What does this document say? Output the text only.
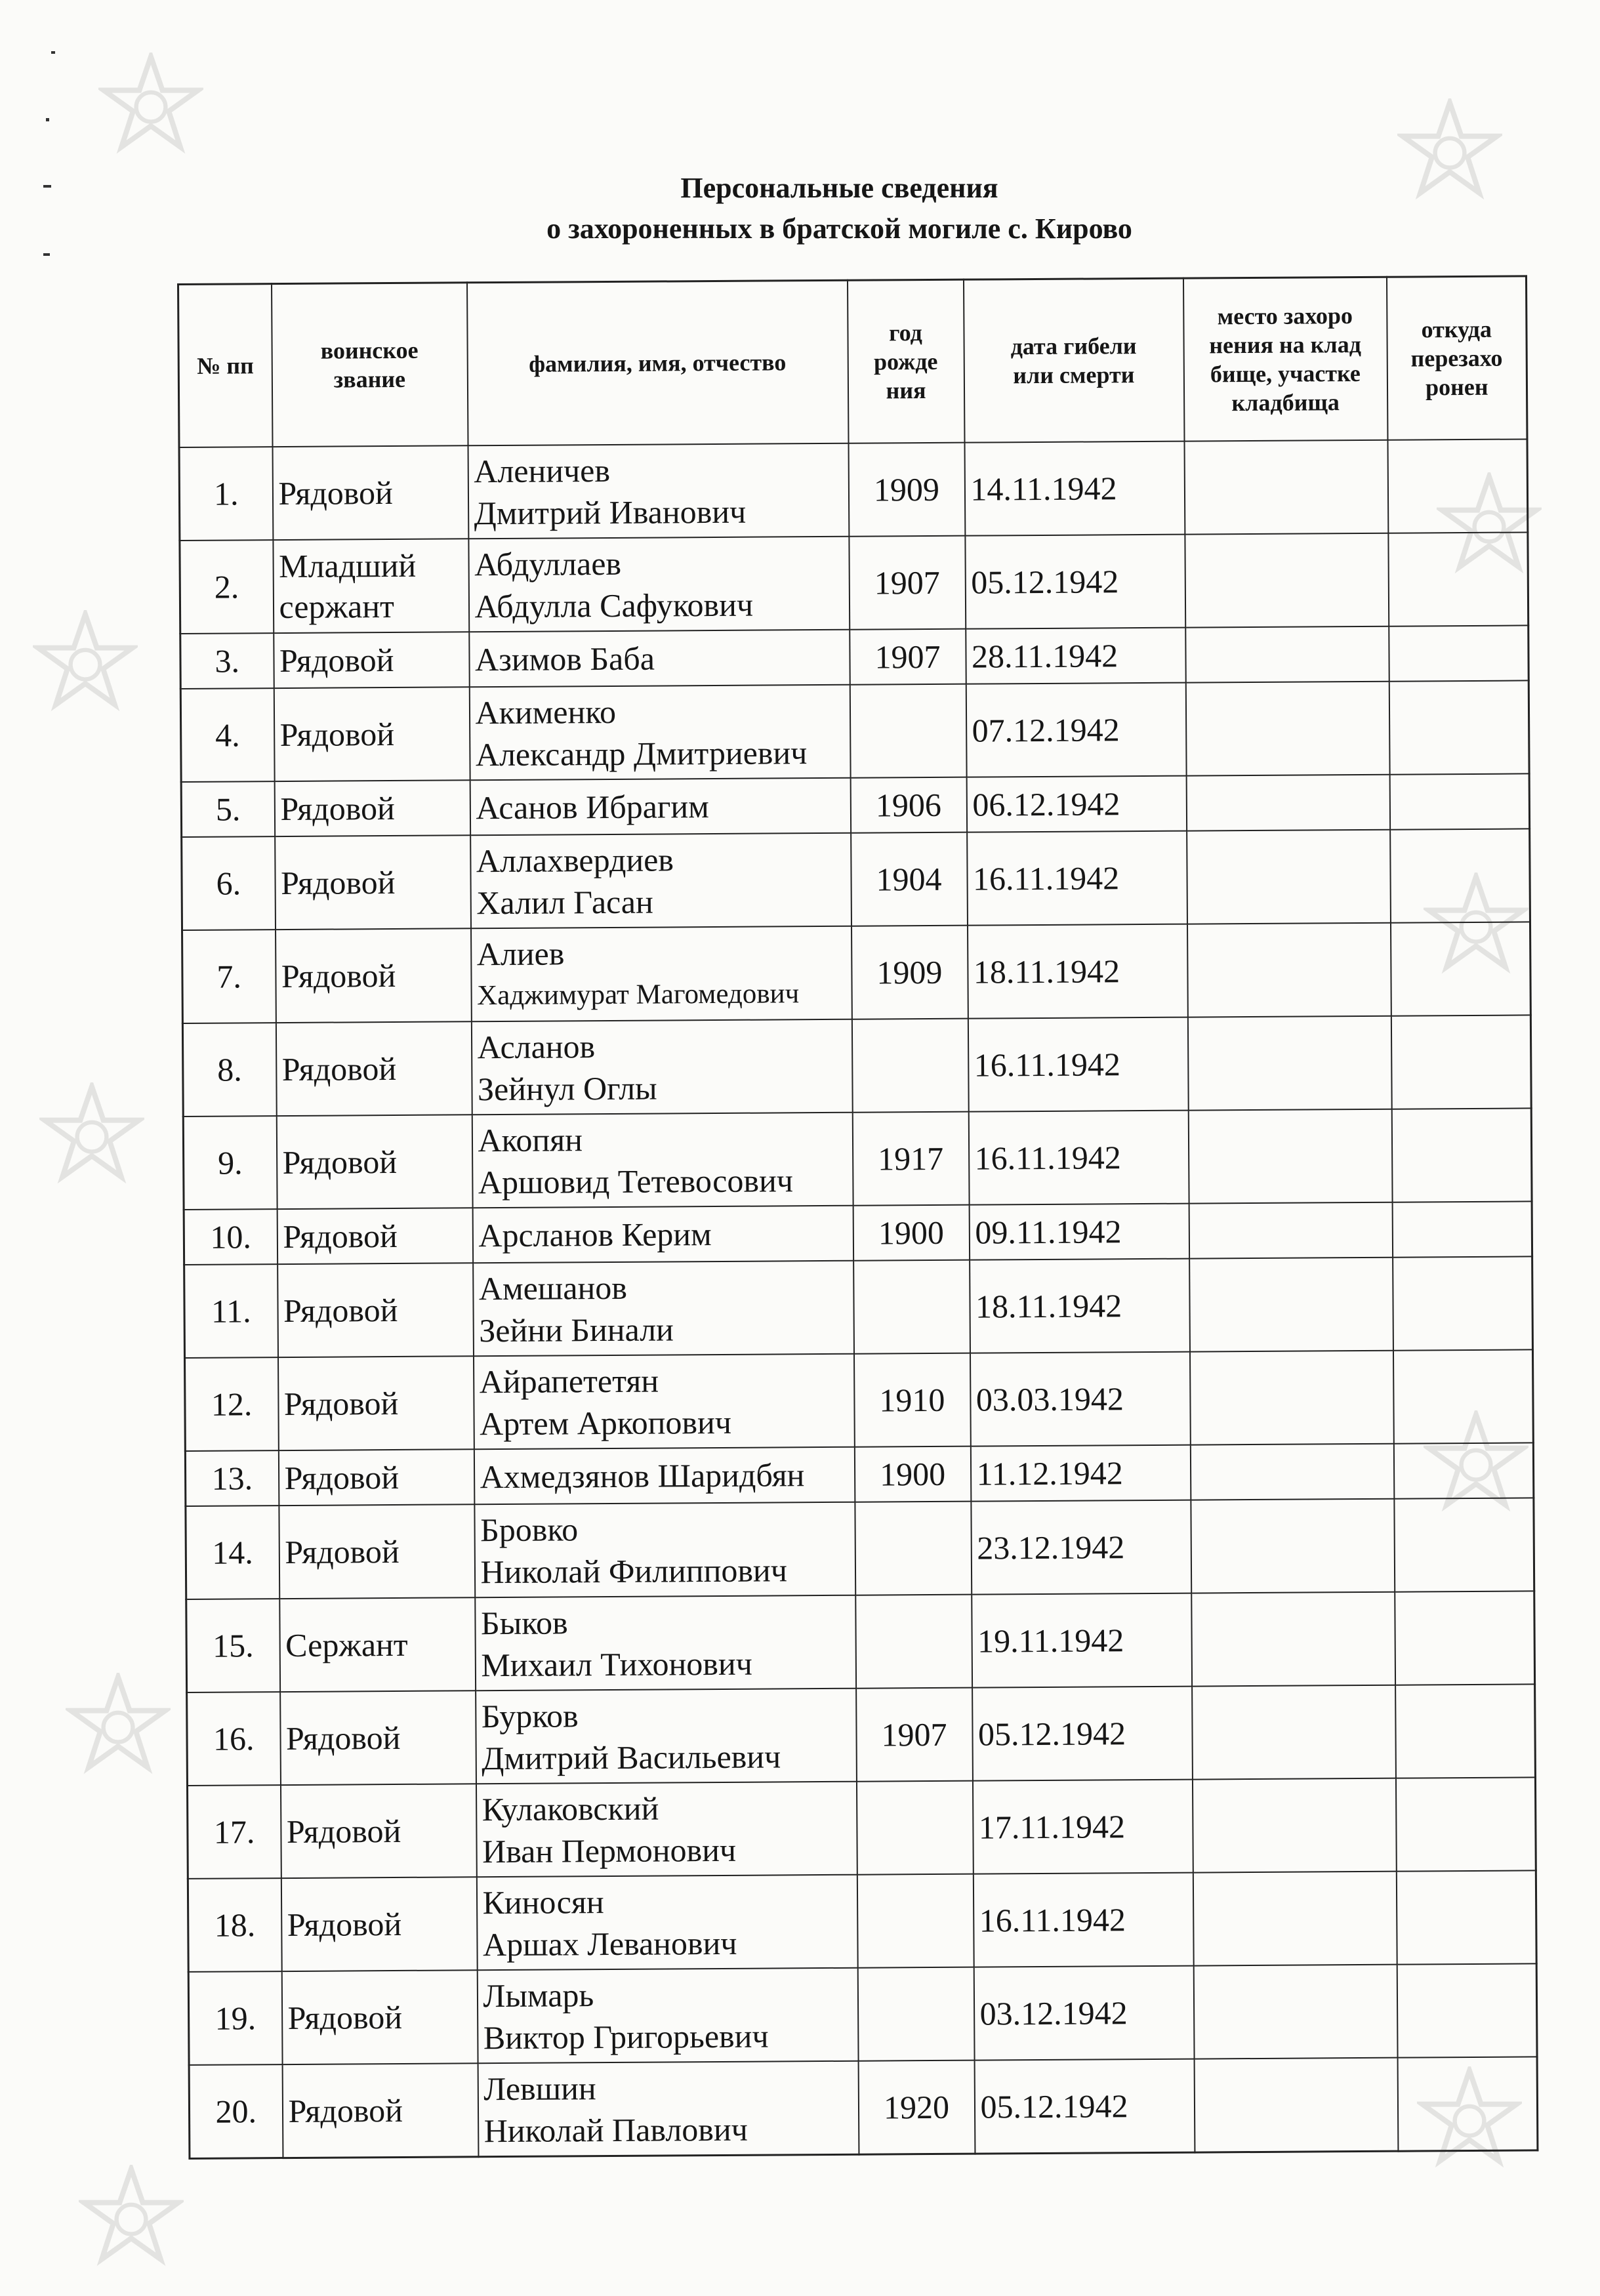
Персональные сведения
о захороненных в братской могиле с. Кирово
№ пп	воинское
звание	фамилия, имя, отчество	год
рожде
ния	дата гибели
или смерти	место захоро
нения на клад
бище, участке
кладбища	откуда
перезахо
ронен

1.	Рядовой	Аленичев
Дмитрий Иванович	1909	14.11.1942		
2.	Младший
сержант	Абдуллаев
Абдулла Сафукович	1907	05.12.1942		
3.	Рядовой	Азимов Баба	1907	28.11.1942		
4.	Рядовой	Акименко
Александр Дмитриевич		07.12.1942		
5.	Рядовой	Асанов Ибрагим	1906	06.12.1942		
6.	Рядовой	Аллахвердиев
Халил Гасан	1904	16.11.1942		
7.	Рядовой	Алиев
Хаджимурат Магомедович	1909	18.11.1942		
8.	Рядовой	Асланов
Зейнул Оглы		16.11.1942		
9.	Рядовой	Акопян
Аршовид Тетевосович	1917	16.11.1942		
10.	Рядовой	Арсланов Керим	1900	09.11.1942		
11.	Рядовой	Амешанов
Зейни Бинали		18.11.1942		
12.	Рядовой	Айрапететян
Артем Аркопович	1910	03.03.1942		
13.	Рядовой	Ахмедзянов Шаридбян	1900	11.12.1942		
14.	Рядовой	Бровко
Николай Филиппович		23.12.1942		
15.	Сержант	Быков
Михаил Тихонович		19.11.1942		
16.	Рядовой	Бурков
Дмитрий Васильевич	1907	05.12.1942		
17.	Рядовой	Кулаковский
Иван Пермонович		17.11.1942		
18.	Рядовой	Киносян
Аршах Леванович		16.11.1942		
19.	Рядовой	Лымарь
Виктор Григорьевич		03.12.1942		
20.	Рядовой	Левшин
Николай Павлович	1920	05.12.1942		
